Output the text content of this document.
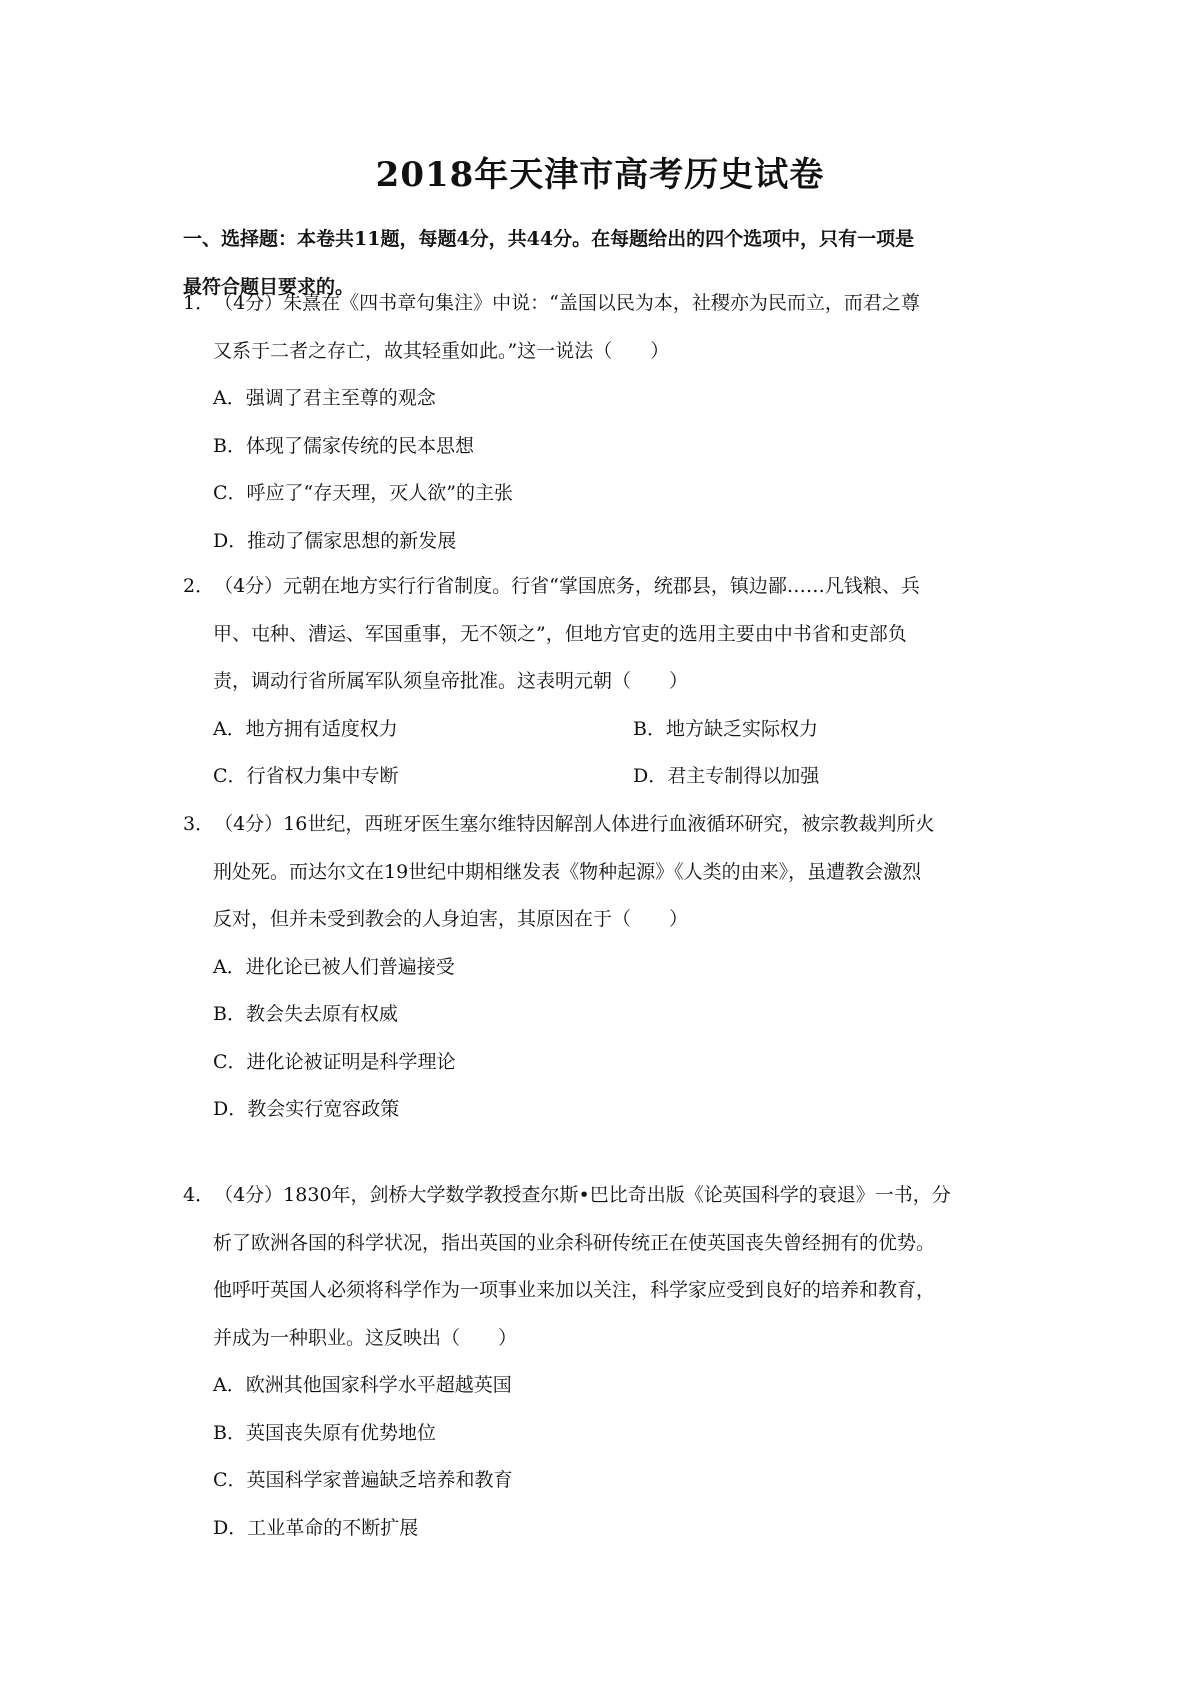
2018年天津市高考历史试卷
一、选择题：本卷共11题，每题4分，共44分。在每题给出的四个选项中，只有一项是
最符合题目要求的。
1．（4分）朱熹在《四书章句集注》中说：“盖国以民为本，社稷亦为民而立，而君之尊
又系于二者之存亡，故其轻重如此。”这一说法（　　）
A．强调了君主至尊的观念
B．体现了儒家传统的民本思想
C．呼应了“存天理，灭人欲”的主张
D．推动了儒家思想的新发展
2．（4分）元朝在地方实行行省制度。行省“掌国庶务，统郡县，镇边鄙……凡钱粮、兵
甲、屯种、漕运、军国重事，无不领之”，但地方官吏的选用主要由中书省和吏部负
责，调动行省所属军队须皇帝批准。这表明元朝（　　）
A．地方拥有适度权力	B．地方缺乏实际权力
C．行省权力集中专断	D．君主专制得以加强
3．（4分）16世纪，西班牙医生塞尔维特因解剖人体进行血液循环研究，被宗教裁判所火
刑处死。而达尔文在19世纪中期相继发表《物种起源》《人类的由来》，虽遭教会激烈
反对，但并未受到教会的人身迫害，其原因在于（　　）
A．进化论已被人们普遍接受
B．教会失去原有权威
C．进化论被证明是科学理论
D．教会实行宽容政策
4．（4分）1830年，剑桥大学数学教授查尔斯•巴比奇出版《论英国科学的衰退》一书，分
析了欧洲各国的科学状况，指出英国的业余科研传统正在使英国丧失曾经拥有的优势。
他呼吁英国人必须将科学作为一项事业来加以关注，科学家应受到良好的培养和教育，
并成为一种职业。这反映出（　　）
A．欧洲其他国家科学水平超越英国
B．英国丧失原有优势地位
C．英国科学家普遍缺乏培养和教育
D．工业革命的不断扩展
